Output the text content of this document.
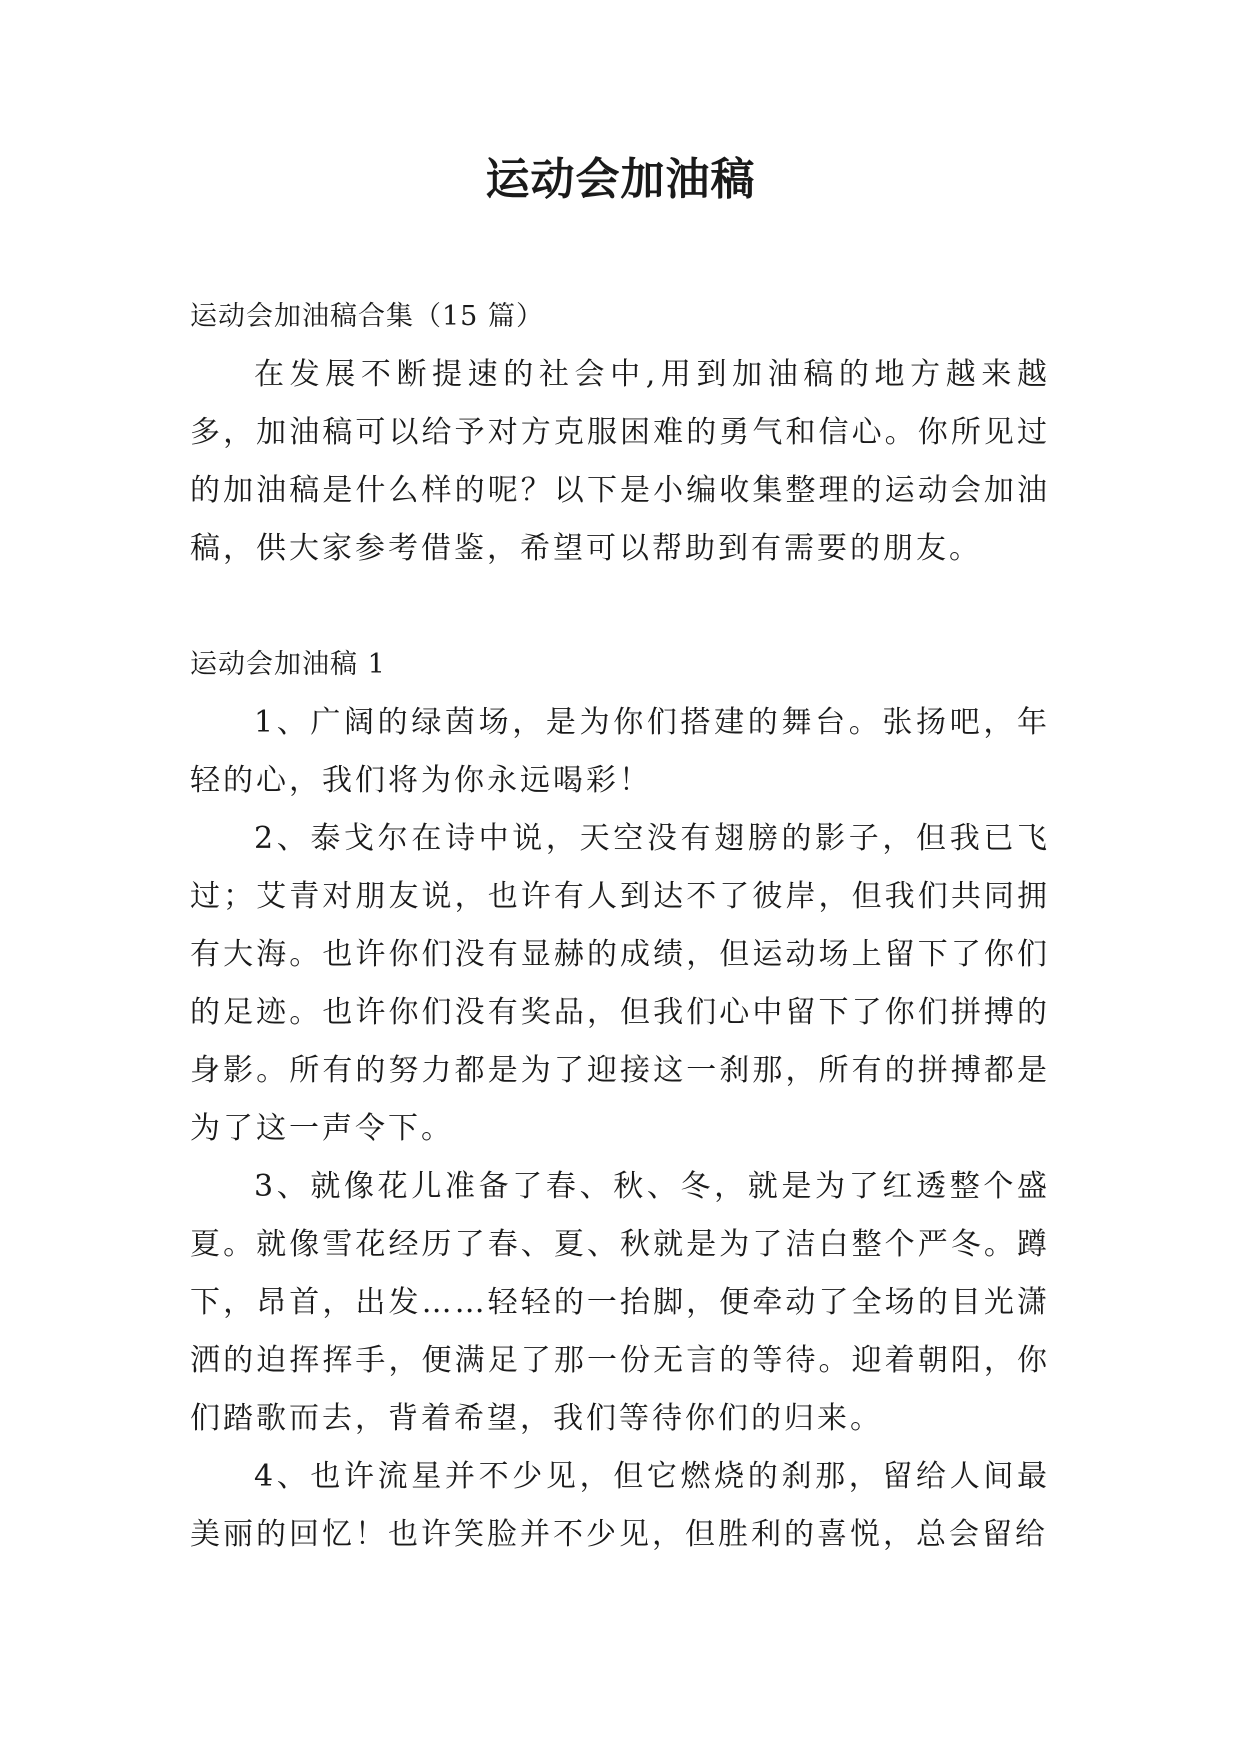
运动会加油稿

运动会加油稿合集（15 篇）

在发展不断提速的社会中,用到加油稿的地方越来越多，加油稿可以给予对方克服困难的勇气和信心。你所见过的加油稿是什么样的呢？以下是小编收集整理的运动会加油稿，供大家参考借鉴，希望可以帮助到有需要的朋友。

运动会加油稿 1

1、广阔的绿茵场，是为你们搭建的舞台。张扬吧，年轻的心，我们将为你永远喝彩！

2、泰戈尔在诗中说，天空没有翅膀的影子，但我已飞过；艾青对朋友说，也许有人到达不了彼岸，但我们共同拥有大海。也许你们没有显赫的成绩，但运动场上留下了你们的足迹。也许你们没有奖品，但我们心中留下了你们拼搏的身影。所有的努力都是为了迎接这一刹那，所有的拼搏都是为了这一声令下。

3、就像花儿准备了春、秋、冬，就是为了红透整个盛夏。就像雪花经历了春、夏、秋就是为了洁白整个严冬。蹲下，昂首，出发……轻轻的一抬脚，便牵动了全场的目光潇洒的迫挥挥手，便满足了那一份无言的等待。迎着朝阳，你们踏歌而去，背着希望，我们等待你们的归来。

4、也许流星并不少见，但它燃烧的刹那，留给人间最美丽的回忆！也许笑脸并不少见，但胜利的喜悦，总会留给
